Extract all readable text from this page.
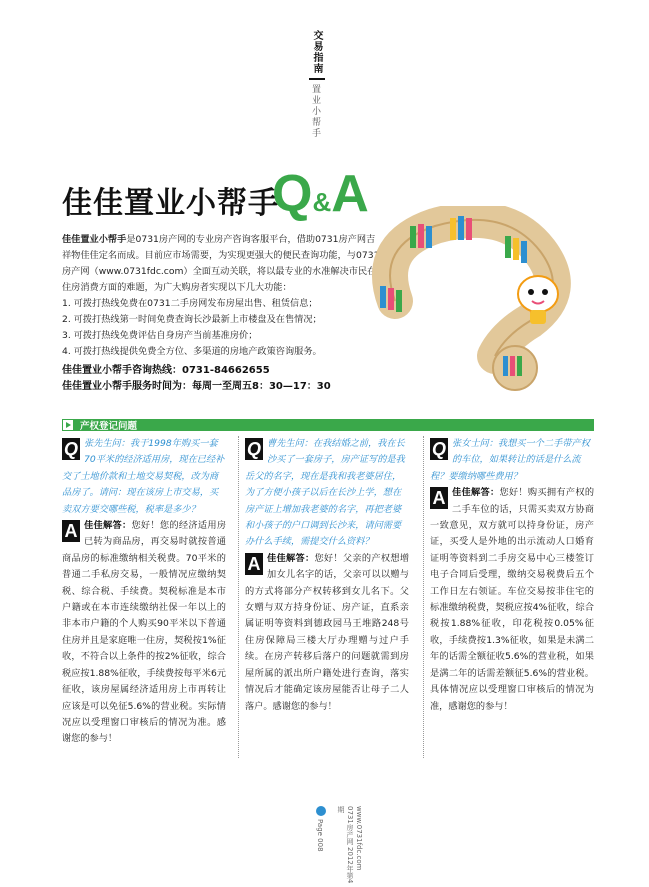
交易指南
置业小帮手
佳佳置业小帮手
Q&A

佳佳置业小帮手是0731房产网的专业房产咨询客服平台，借助0731房产网吉祥物佳佳定名而成。目前应市场需要，为实现更强大的便民查询功能，与0731房产网（www.0731fdc.com）全面互动关联，将以最专业的水准解决市民在住房消费方面的难题，为广大购房者实现以下几大功能：

1. 可拨打热线免费在0731二手房网发布房屋出售、租赁信息；
2. 可拨打热线第一时间免费查询长沙最新上市楼盘及在售情况；
3. 可拨打热线免费评估自身房产当前基准房价；
4. 可拨打热线提供免费全方位、多渠道的房地产政策咨询服务。
佳佳置业小帮手咨询热线：0731-84662655
佳佳置业小帮手服务时间为：每周一至周五8：30—17：30
产权登记问题
Q 张先生问：我于1998年购买一套70平米的经济适用房，现在已经补交了土地价款和土地交易契税，改为商品房了。请问：现在该房上市交易，买卖双方要交哪些税，税率是多少？
A 佳佳解答：您好！您的经济适用房已转为商品房，再交易时就按普通商品房的标准缴纳相关税费。70平米的普通二手私房交易，一般情况应缴纳契税、综合税、手续费。契税标准是本市户籍或在本市连续缴纳社保一年以上的非本市户籍的个人购买90平米以下普通住房并且是家庭唯一住房，契税按1%征收，不符合以上条件的按2%征收，综合税应按1.88%征收，手续费按每平米6元征收，该房屋属经济适用房上市再转让应该是可以免征5.6%的营业税。实际情况应以受理窗口审核后的情况为准。感谢您的参与！
Q 曹先生问：在我结婚之前，我在长沙买了一套房子，房产证写的是我岳父的名字，现在是我和我老婆居住，为了方便小孩子以后在长沙上学，想在房产证上增加我老婆的名字，再把老婆和小孩子的户口调到长沙来，请问需要办什么手续，需提交什么资料？
A 佳佳解答：您好！父亲的产权想增加女儿名字的话，父亲可以以赠与的方式将部分产权转移到女儿名下。父女赠与双方持身份证、房产证，直系亲属证明等资料到德政园马王堆路248号住房保障局三楼大厅办理赠与过户手续。在房产转移后落户的问题就需到房屋所属的派出所户籍处进行查询，落实情况后才能确定该房屋能否让母子二人落户。感谢您的参与！
Q 张女士问：我想买一个二手带产权的车位，如果转让的话是什么流程？要缴纳哪些费用？
A 佳佳解答：您好！购买拥有产权的二手车位的话，只需买卖双方协商一致意见，双方就可以持身份证，房产证，买受人是外地的出示流动人口婚育证明等资料到二手房交易中心三楼签订电子合同后受理，缴纳交易税费后五个工作日左右领证。车位交易按非住宅的标准缴纳税费，契税应按4%征收，综合税按1.88%征收，印花税按0.05%征收，手续费按1.3%征收，如果是未满二年的话需全额征收5.6%的营业税，如果是满二年的话需差额征5.6%的营业税。具体情况应以受理窗口审核后的情况为准，感谢您的参与！
Page 008	www.0731fdc.com
0731房产网 2012年第4期
